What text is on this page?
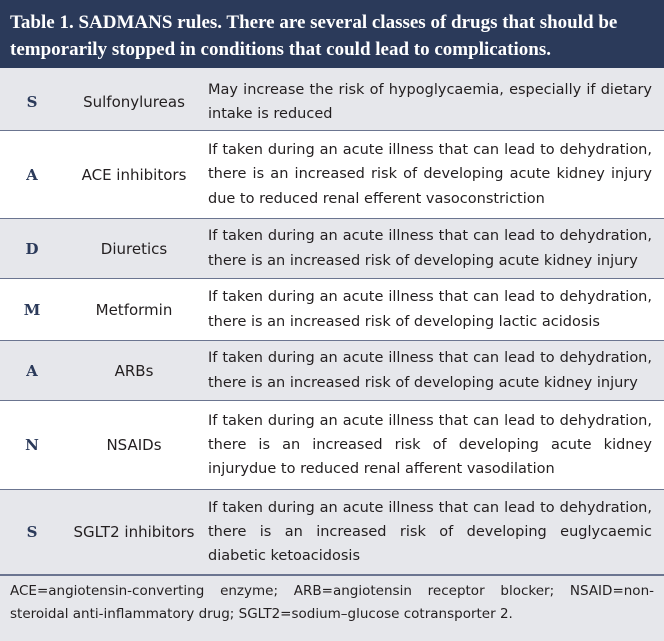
Table 1. SADMANS rules. There are several classes of drugs that should be temporarily stopped in conditions that could lead to complications.
S	Sulfonylureas
May increase the risk of hypoglycaemia, especially if dietary intake is reduced
A	ACE inhibitors
If taken during an acute illness that can lead to dehydration, there is an increased risk of developing acute kidney injury due to reduced renal efferent vasoconstriction
D	Diuretics
If taken during an acute illness that can lead to dehydration, there is an increased risk of developing acute kidney injury
M	Metformin
If taken during an acute illness that can lead to dehydration, there is an increased risk of developing lactic acidosis
A	ARBs
If taken during an acute illness that can lead to dehydration, there is an increased risk of developing acute kidney injury
N	NSAIDs
If taken during an acute illness that can lead to dehydration, there is an increased risk of developing acute kidney injurydue to reduced renal afferent vasodilation
S	SGLT2 inhibitors
If taken during an acute illness that can lead to dehydration, there is an increased risk of developing euglycaemic diabetic ketoacidosis
ACE=angiotensin-converting enzyme; ARB=angiotensin receptor blocker; NSAID=non-steroidal anti-inflammatory drug; SGLT2=sodium–glucose cotransporter 2.
